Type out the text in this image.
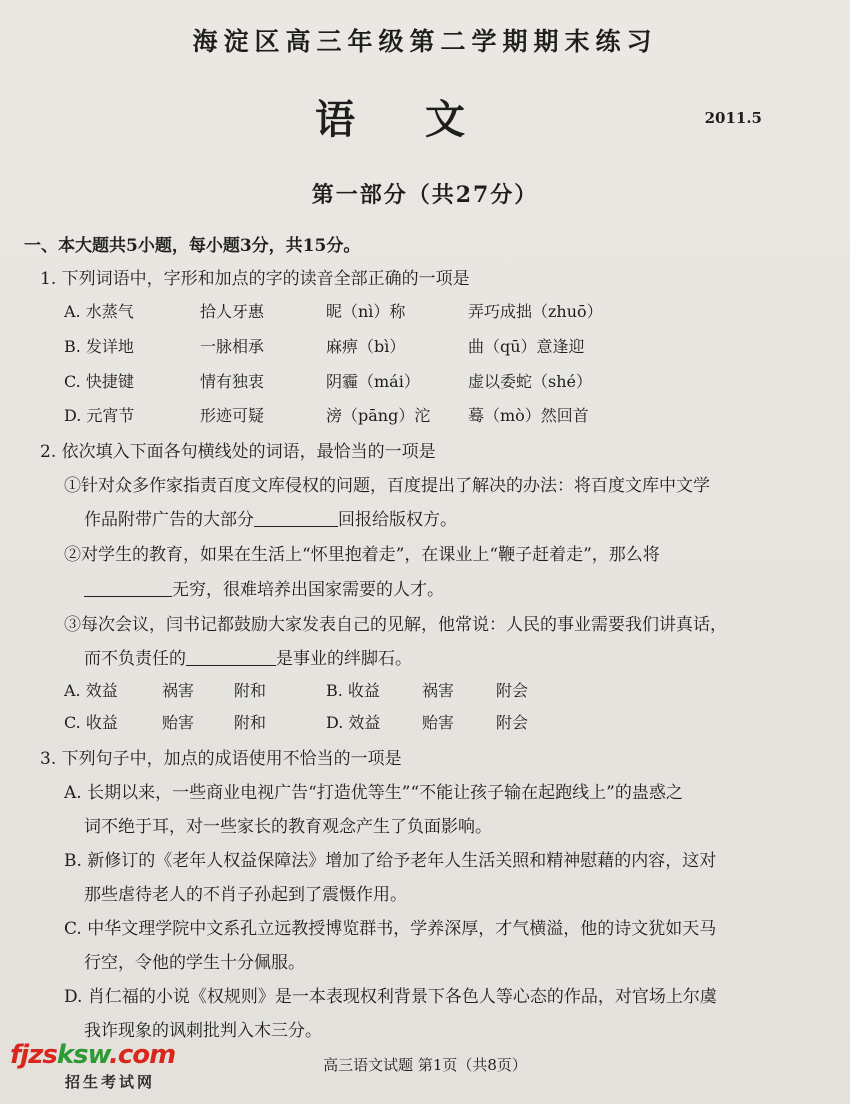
海淀区高三年级第二学期期末练习
语文	2011.5
第一部分（共27分）
一、本大题共5小题，每小题3分，共15分。
1. 下列词语中，字形和加点的字的读音全部正确的一项是
A. 水蒸气	拾人牙惠	昵（nì）称	弄巧成拙（zhuō）
B. 发详地	一脉相承	麻痹（bì）	曲（qū）意逢迎
C. 快捷键	情有独衷	阴霾（mái）	虚以委蛇（shé）
D. 元宵节	形迹可疑	滂（pāng）沱 蓦（mò）然回首
2. 依次填入下面各句横线处的词语，最恰当的一项是
①针对众多作家指责百度文库侵权的问题，百度提出了解决的办法：将百度文库中文学
作品附带广告的大部分	回报给版权方。
②对学生的教育，如果在生活上“怀里抱着走”，在课业上“鞭子赶着走”，那么将
无穷，很难培养出国家需要的人才。
③每次会议，闫书记都鼓励大家发表自己的见解，他常说：人民的事业需要我们讲真话，
而不负责任的	是事业的绊脚石。
A. 效益	祸害 附和	B. 收益	祸害	附会
C. 收益	贻害 附和	D. 效益	贻害	附会
3. 下列句子中，加点的成语使用不恰当的一项是
A. 长期以来，一些商业电视广告“打造优等生”“不能让孩子输在起跑线上”的蛊惑之
词不绝于耳，对一些家长的教育观念产生了负面影响。
B. 新修订的《老年人权益保障法》增加了给予老年人生活关照和精神慰藉的内容，这对
那些虐待老人的不肖子孙起到了震慑作用。
C. 中华文理学院中文系孔立远教授博览群书，学养深厚，才气横溢，他的诗文犹如天马
行空，令他的学生十分佩服。
D. 肖仁福的小说《权规则》是一本表现权利背景下各色人等心态的作品，对官场上尔虞
我诈现象的讽刺批判入木三分。
高三语文试题 第1页（共8页）
fjzsksw.com
招生考试网
